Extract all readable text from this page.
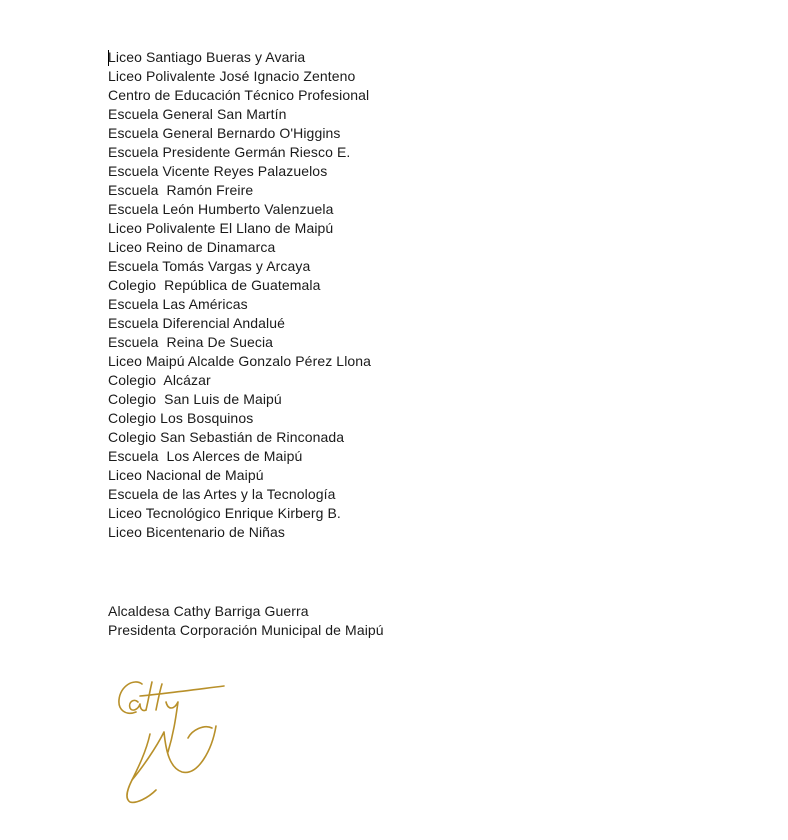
Liceo Santiago Bueras y Avaria
Liceo Polivalente José Ignacio Zenteno
Centro de Educación Técnico Profesional
Escuela General San Martín
Escuela General Bernardo O'Higgins
Escuela Presidente Germán Riesco E.
Escuela Vicente Reyes Palazuelos
Escuela  Ramón Freire
Escuela León Humberto Valenzuela
Liceo Polivalente El Llano de Maipú
Liceo Reino de Dinamarca
Escuela Tomás Vargas y Arcaya
Colegio  República de Guatemala
Escuela Las Américas
Escuela Diferencial Andalué
Escuela  Reina De Suecia
Liceo Maipú Alcalde Gonzalo Pérez Llona
Colegio  Alcázar
Colegio  San Luis de Maipú
Colegio Los Bosquinos
Colegio San Sebastián de Rinconada
Escuela  Los Alerces de Maipú
Liceo Nacional de Maipú
Escuela de las Artes y la Tecnología
Liceo Tecnológico Enrique Kirberg B.
Liceo Bicentenario de Niñas
Alcaldesa Cathy Barriga Guerra
Presidenta Corporación Municipal de Maipú
